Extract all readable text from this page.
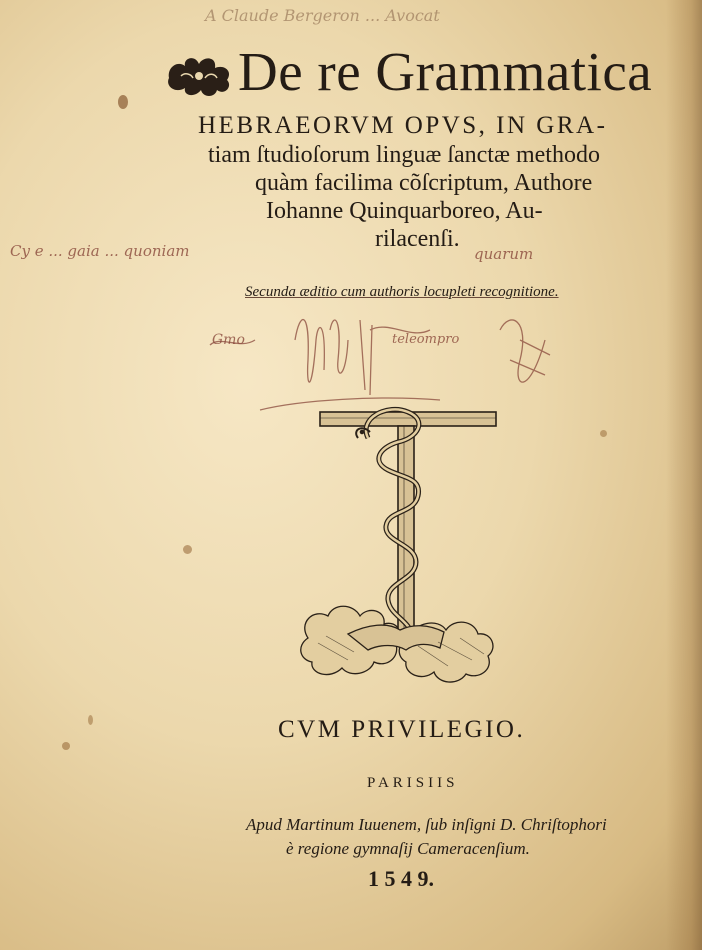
A Claude Bergeron ... Avocat
Cy e ... gaia ... quoniam	quarum
De re Grammatica
HEBRAEORVM OPVS, IN GRA-
tiam ſtudioſorum linguæ ſanctæ methodo
quàm facilima cõſcriptum, Authore
Iohanne Quinquarboreo, Au-
rilacenſi.
Secunda æditio cum authoris locupleti recognitione.
Gmo	teleompro
CVM PRIVILEGIO.
PARISIIS
Apud Martinum Iuuenem, ſub inſigni D. Chriſtophori
è regione gymnaſij Cameracenſium.
1 5 4 9.
